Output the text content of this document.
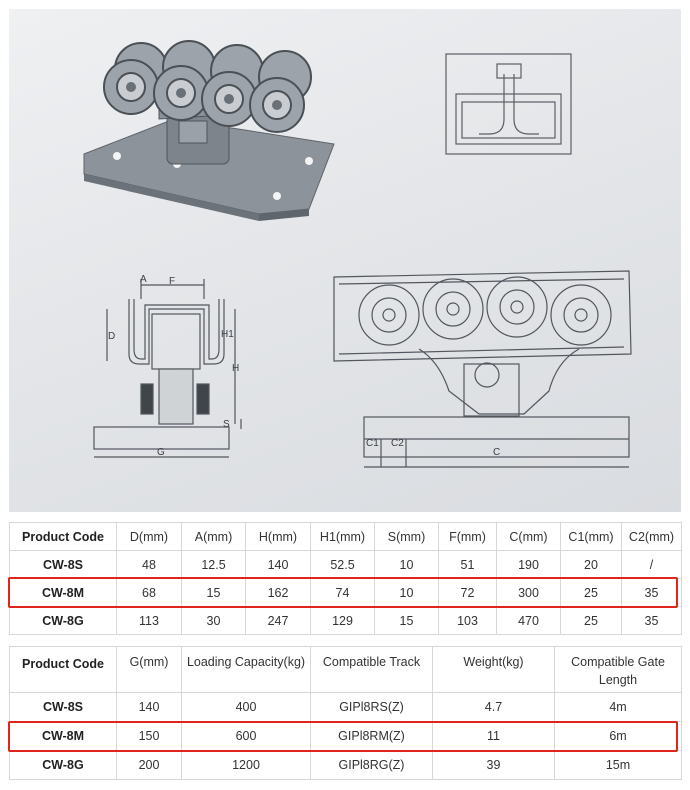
A F
D	H1
H
S
G
C1 C2
C
Product Code	D(mm)	A(mm)	H(mm)	H1(mm)	S(mm)	F(mm)	C(mm)	C1(mm)	C2(mm)
CW-8S	48	12.5	140	52.5	10	51	190	20	/
CW-8M	68	15	162	74	10	72	300	25	35
CW-8G	113	30	247	129	15	103	470	25	35
Product Code	G(mm)	Loading Capacity(kg)	Compatible Track	Weight(kg)	Compatible Gate Length
CW-8S	140	400	GIPl8RS(Z)	4.7	4m
CW-8M	150	600	GIPl8RM(Z)	11	6m
CW-8G	200	1200	GIPl8RG(Z)	39	15m
